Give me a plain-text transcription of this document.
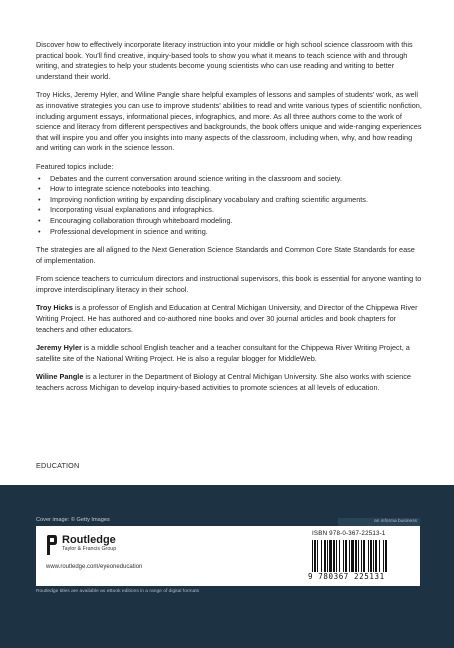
Discover how to effectively incorporate literacy instruction into your middle or high school science classroom with this practical book. You'll find creative, inquiry-based tools to show you what it means to teach science with and through writing, and strategies to help your students become young scientists who can use reading and writing to better understand their world.

Troy Hicks, Jeremy Hyler, and Wiline Pangle share helpful examples of lessons and samples of students' work, as well as innovative strategies you can use to improve students' abilities to read and write various types of scientific nonfiction, including argument essays, informational pieces, infographics, and more. As all three authors come to the work of science and literacy from different perspectives and backgrounds, the book offers unique and wide-ranging experiences that will inspire you and offer you insights into many aspects of the classroom, including when, why, and how reading and writing can work in the science lesson.

Featured topics include:

• Debates and the current conversation around science writing in the classroom and society.
• How to integrate science notebooks into teaching.
• Improving nonfiction writing by expanding disciplinary vocabulary and crafting scientific arguments.
• Incorporating visual explanations and infographics.
• Encouraging collaboration through whiteboard modeling.
• Professional development in science and writing.

The strategies are all aligned to the Next Generation Science Standards and Common Core State Standards for ease of implementation.

From science teachers to curriculum directors and instructional supervisors, this book is essential for anyone wanting to improve interdisciplinary literacy in their school.

Troy Hicks is a professor of English and Education at Central Michigan University, and Director of the Chippewa River Writing Project. He has authored and co-authored nine books and over 30 journal articles and book chapters for teachers and other educators.

Jeremy Hyler is a middle school English teacher and a teacher consultant for the Chippewa River Writing Project, a satellite site of the National Writing Project. He is also a regular blogger for MiddleWeb.

Wiline Pangle is a lecturer in the Department of Biology at Central Michigan University. She also works with science teachers across Michigan to develop inquiry-based activities to promote sciences at all levels of education.

EDUCATION
Cover image: © Getty Images
Routledge
Taylor & Francis Group
www.routledge.com/eyeoneducation
an informa business
ISBN 978-0-367-22513-1
9 780367 225131
Routledge titles are available as eBook editions in a range of digital formats
